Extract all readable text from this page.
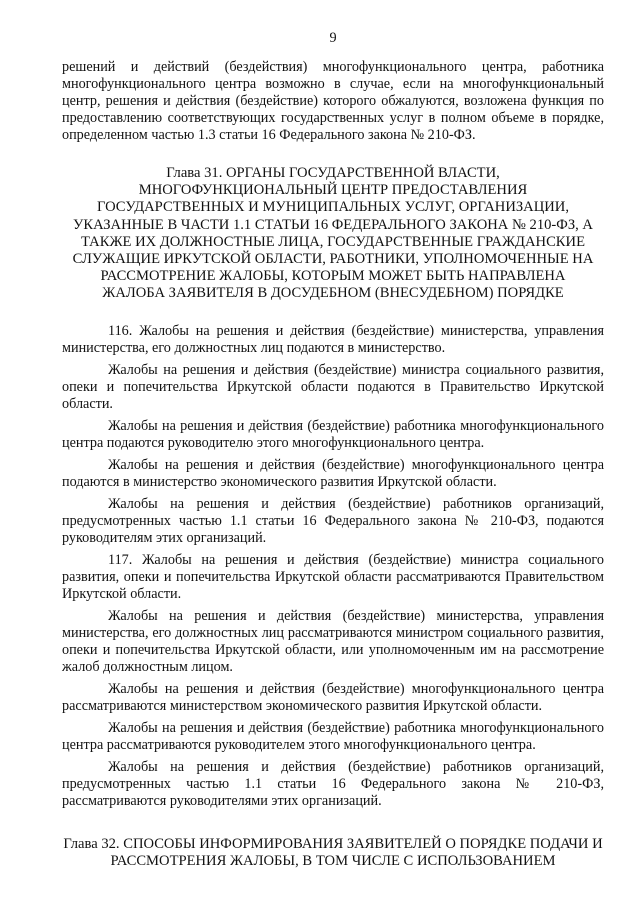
9

решений и действий (бездействия) многофункционального центра, работника многофункционального центра возможно в случае, если на многофункциональный центр, решения и действия (бездействие) которого обжалуются, возложена функция по предоставлению соответствующих государственных услуг в полном объеме в порядке, определенном частью 1.3 статьи 16 Федерального закона № 210-ФЗ.

Глава 31. ОРГАНЫ ГОСУДАРСТВЕННОЙ ВЛАСТИ, МНОГОФУНКЦИОНАЛЬНЫЙ ЦЕНТР ПРЕДОСТАВЛЕНИЯ ГОСУДАРСТВЕННЫХ И МУНИЦИПАЛЬНЫХ УСЛУГ, ОРГАНИЗАЦИИ, УКАЗАННЫЕ В ЧАСТИ 1.1 СТАТЬИ 16 ФЕДЕРАЛЬНОГО ЗАКОНА № 210-ФЗ, А ТАКЖЕ ИХ ДОЛЖНОСТНЫЕ ЛИЦА, ГОСУДАРСТВЕННЫЕ ГРАЖДАНСКИЕ СЛУЖАЩИЕ ИРКУТСКОЙ ОБЛАСТИ, РАБОТНИКИ, УПОЛНОМОЧЕННЫЕ НА РАССМОТРЕНИЕ ЖАЛОБЫ, КОТОРЫМ МОЖЕТ БЫТЬ НАПРАВЛЕНА ЖАЛОБА ЗАЯВИТЕЛЯ В ДОСУДЕБНОМ (ВНЕСУДЕБНОМ) ПОРЯДКЕ

116. Жалобы на решения и действия (бездействие) министерства, управления министерства, его должностных лиц подаются в министерство.

Жалобы на решения и действия (бездействие) министра социального развития, опеки и попечительства Иркутской области подаются в Правительство Иркутской области.

Жалобы на решения и действия (бездействие) работника многофункционального центра подаются руководителю этого многофункционального центра.

Жалобы на решения и действия (бездействие) многофункционального центра подаются в министерство экономического развития Иркутской области.

Жалобы на решения и действия (бездействие) работников организаций, предусмотренных частью 1.1 статьи 16 Федерального закона № 210-ФЗ, подаются руководителям этих организаций.

117. Жалобы на решения и действия (бездействие) министра социального развития, опеки и попечительства Иркутской области рассматриваются Правительством Иркутской области.

Жалобы на решения и действия (бездействие) министерства, управления министерства, его должностных лиц рассматриваются министром социального развития, опеки и попечительства Иркутской области, или уполномоченным им на рассмотрение жалоб должностным лицом.

Жалобы на решения и действия (бездействие) многофункционального центра рассматриваются министерством экономического развития Иркутской области.

Жалобы на решения и действия (бездействие) работника многофункционального центра рассматриваются руководителем этого многофункционального центра.

Жалобы на решения и действия (бездействие) работников организаций, предусмотренных частью 1.1 статьи 16 Федерального закона № 210-ФЗ, рассматриваются руководителями этих организаций.

Глава 32. СПОСОБЫ ИНФОРМИРОВАНИЯ ЗАЯВИТЕЛЕЙ О ПОРЯДКЕ ПОДАЧИ И РАССМОТРЕНИЯ ЖАЛОБЫ, В ТОМ ЧИСЛЕ С ИСПОЛЬЗОВАНИЕМ
